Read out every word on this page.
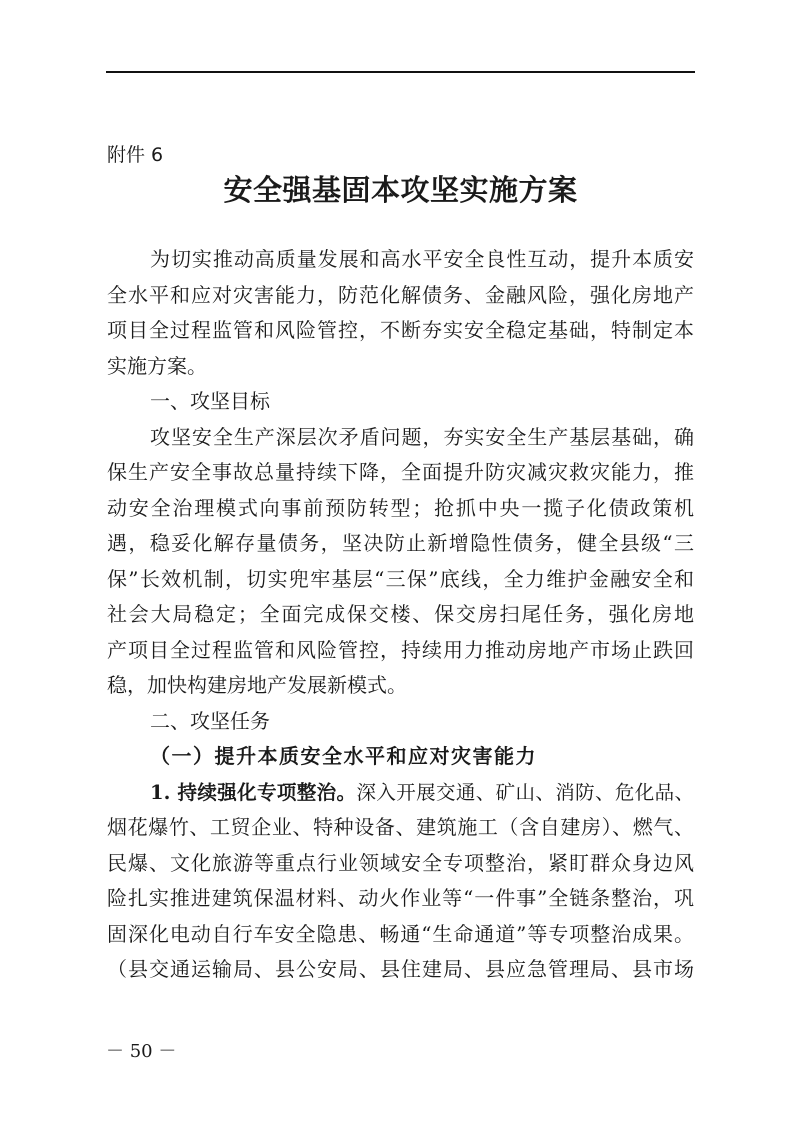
附件 6
安全强基固本攻坚实施方案
为切实推动高质量发展和高水平安全良性互动，提升本质安
全水平和应对灾害能力，防范化解债务、金融风险，强化房地产
项目全过程监管和风险管控，不断夯实安全稳定基础，特制定本
实施方案。
一、攻坚目标
攻坚安全生产深层次矛盾问题，夯实安全生产基层基础，确
保生产安全事故总量持续下降，全面提升防灾减灾救灾能力，推
动安全治理模式向事前预防转型；抢抓中央一揽子化债政策机
遇，稳妥化解存量债务，坚决防止新增隐性债务，健全县级“三
保”长效机制，切实兜牢基层“三保”底线，全力维护金融安全和
社会大局稳定；全面完成保交楼、保交房扫尾任务，强化房地
产项目全过程监管和风险管控，持续用力推动房地产市场止跌回
稳，加快构建房地产发展新模式。
二、攻坚任务
（一）提升本质安全水平和应对灾害能力
1. 持续强化专项整治。深入开展交通、矿山、消防、危化品、
烟花爆竹、工贸企业、特种设备、建筑施工（含自建房）、燃气、
民爆、文化旅游等重点行业领域安全专项整治，紧盯群众身边风
险扎实推进建筑保温材料、动火作业等“一件事”全链条整治，巩
固深化电动自行车安全隐患、畅通“生命通道”等专项整治成果。
（县交通运输局、县公安局、县住建局、县应急管理局、县市场
－ 50 －
